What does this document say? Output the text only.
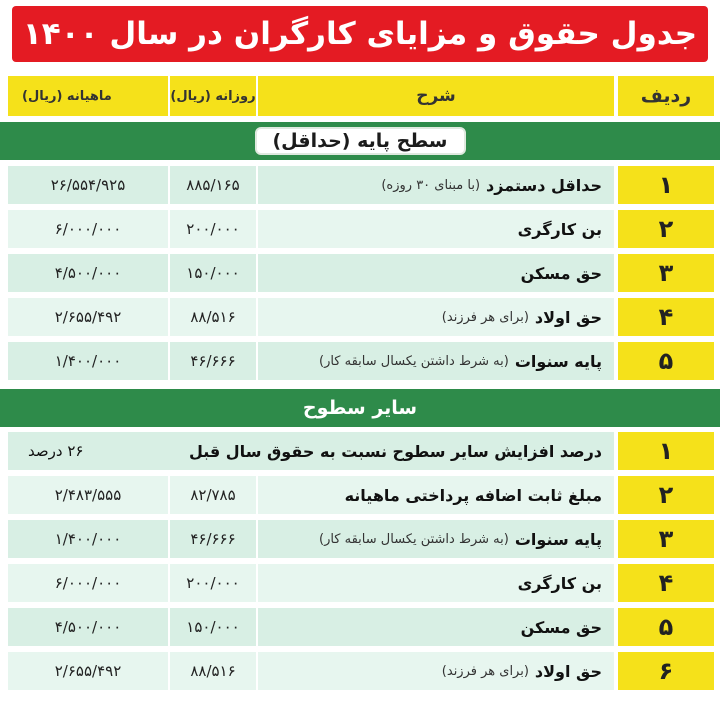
جدول حقوق و مزایای کارگران در سال ۱۴۰۰
ردیف
شرح
روزانه (ریال)
ماهیانه (ریال)
سطح پایه (حداقل)
۱
حداقل دستمزد
(با مبنای ۳۰ روزه)
۸۸۵/۱۶۵
۲۶/۵۵۴/۹۲۵
۲
بن کارگری
۲۰۰/۰۰۰
۶/۰۰۰/۰۰۰
۳
حق مسکن
۱۵۰/۰۰۰
۴/۵۰۰/۰۰۰
۴
حق اولاد
(برای هر فرزند)
۸۸/۵۱۶
۲/۶۵۵/۴۹۲
۵
پایه سنوات
(به شرط داشتن یکسال سابقه کار)
۴۶/۶۶۶
۱/۴۰۰/۰۰۰
سایر سطوح
۱
درصد افزایش سایر سطوح نسبت به حقوق سال قبل
۲۶ درصد
۲
مبلغ ثابت اضافه پرداختی ماهیانه
۸۲/۷۸۵
۲/۴۸۳/۵۵۵
۳
پایه سنوات
(به شرط داشتن یکسال سابقه کار)
۴۶/۶۶۶
۱/۴۰۰/۰۰۰
۴
بن کارگری
۲۰۰/۰۰۰
۶/۰۰۰/۰۰۰
۵
حق مسکن
۱۵۰/۰۰۰
۴/۵۰۰/۰۰۰
۶
حق اولاد
(برای هر فرزند)
۸۸/۵۱۶
۲/۶۵۵/۴۹۲
